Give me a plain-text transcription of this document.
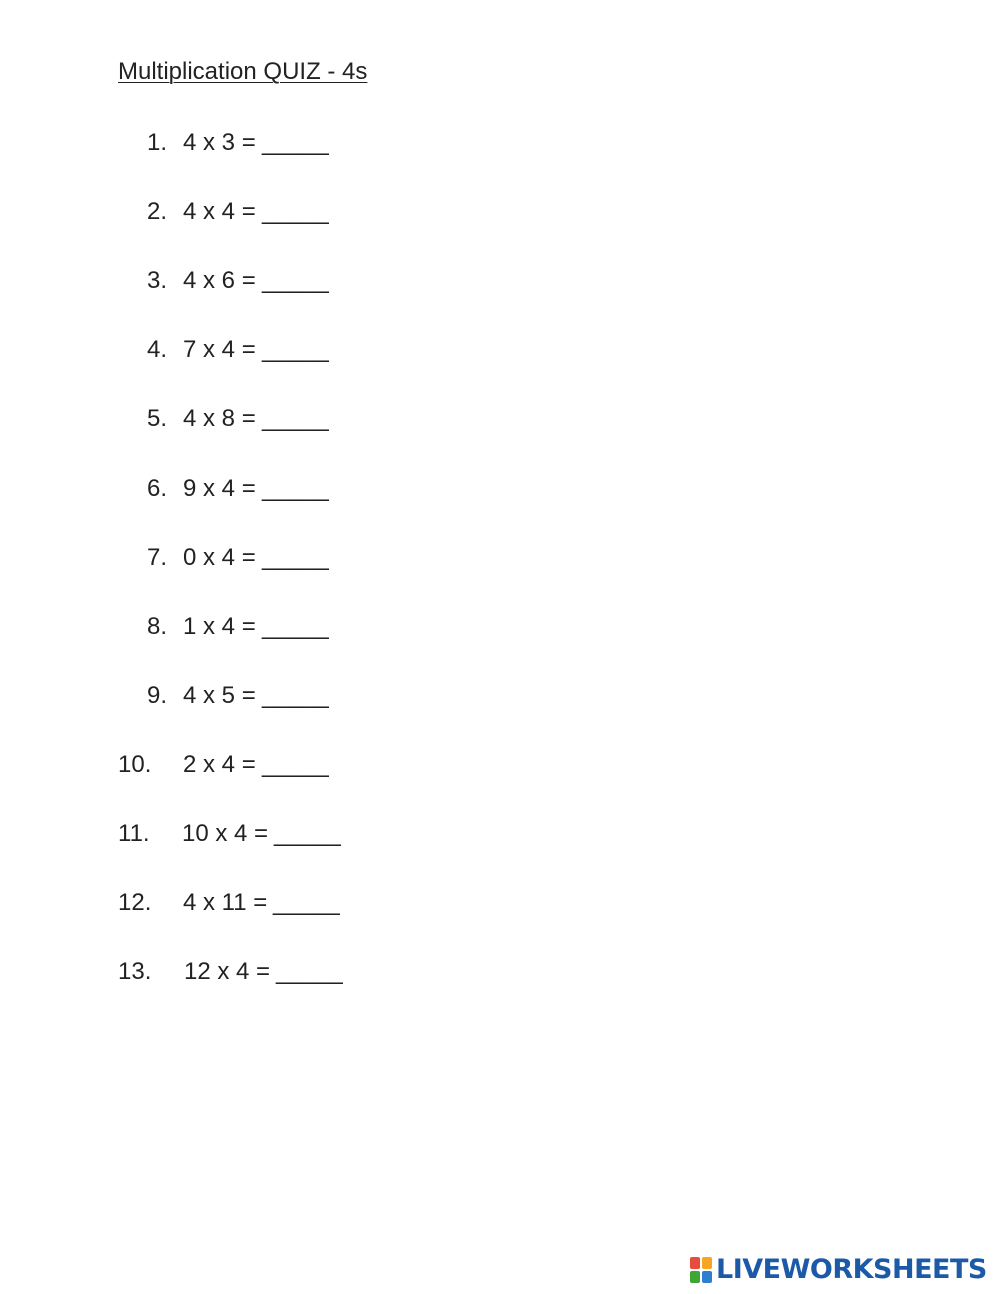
Multiplication QUIZ - 4s
1. 4 x 3 = _____
2. 4 x 4 = _____
3. 4 x 6 = _____
4. 7 x 4 = _____
5. 4 x 8 = _____
6. 9 x 4 = _____
7. 0 x 4 = _____
8. 1 x 4 = _____
9. 4 x 5 = _____
10. 2 x 4 = _____
11. 10 x 4 = _____
12. 4 x 11 = _____
13. 12 x 4 = _____
LIVEWORKSHEETS
